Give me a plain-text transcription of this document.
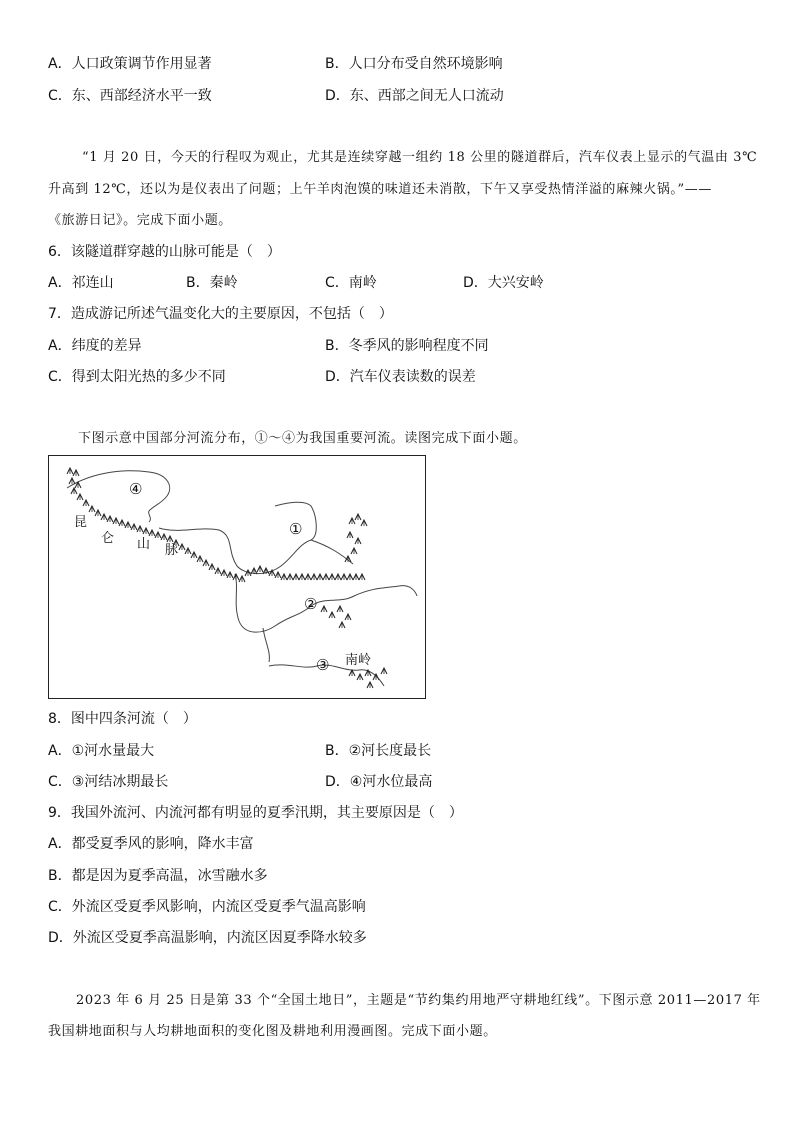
A．人口政策调节作用显著	B．人口分布受自然环境影响
C．东、西部经济水平一致	D．东、西部之间无人口流动
“1 月 20 日，今天的行程叹为观止，尤其是连续穿越一组约 18 公里的隧道群后，汽车仪表上显示的气温由 3℃
升高到 12℃，还以为是仪表出了问题；上午羊肉泡馍的味道还未消散，下午又享受热情洋溢的麻辣火锅。”——
《旅游日记》。完成下面小题。
6．该隧道群穿越的山脉可能是（　）
A．祁连山	B．秦岭	C．南岭	D．大兴安岭
7．造成游记所述气温变化大的主要原因，不包括（　）
A．纬度的差异	B．冬季风的影响程度不同
C．得到太阳光热的多少不同	D．汽车仪表读数的误差
下图示意中国部分河流分布，①～④为我国重要河流。读图完成下面小题。
④
①
②
③ 南岭
昆
仑 山 脉
8．图中四条河流（　）
A．①河水量最大	B．②河长度最长
C．③河结冰期最长	D．④河水位最高
9．我国外流河、内流河都有明显的夏季汛期，其主要原因是（　）
A．都受夏季风的影响，降水丰富
B．都是因为夏季高温，冰雪融水多
C．外流区受夏季风影响，内流区受夏季气温高影响
D．外流区受夏季高温影响，内流区因夏季降水较多
2023 年 6 月 25 日是第 33 个“全国土地日”，主题是“节约集约用地严守耕地红线”。下图示意 2011—2017 年
我国耕地面积与人均耕地面积的变化图及耕地利用漫画图。完成下面小题。
